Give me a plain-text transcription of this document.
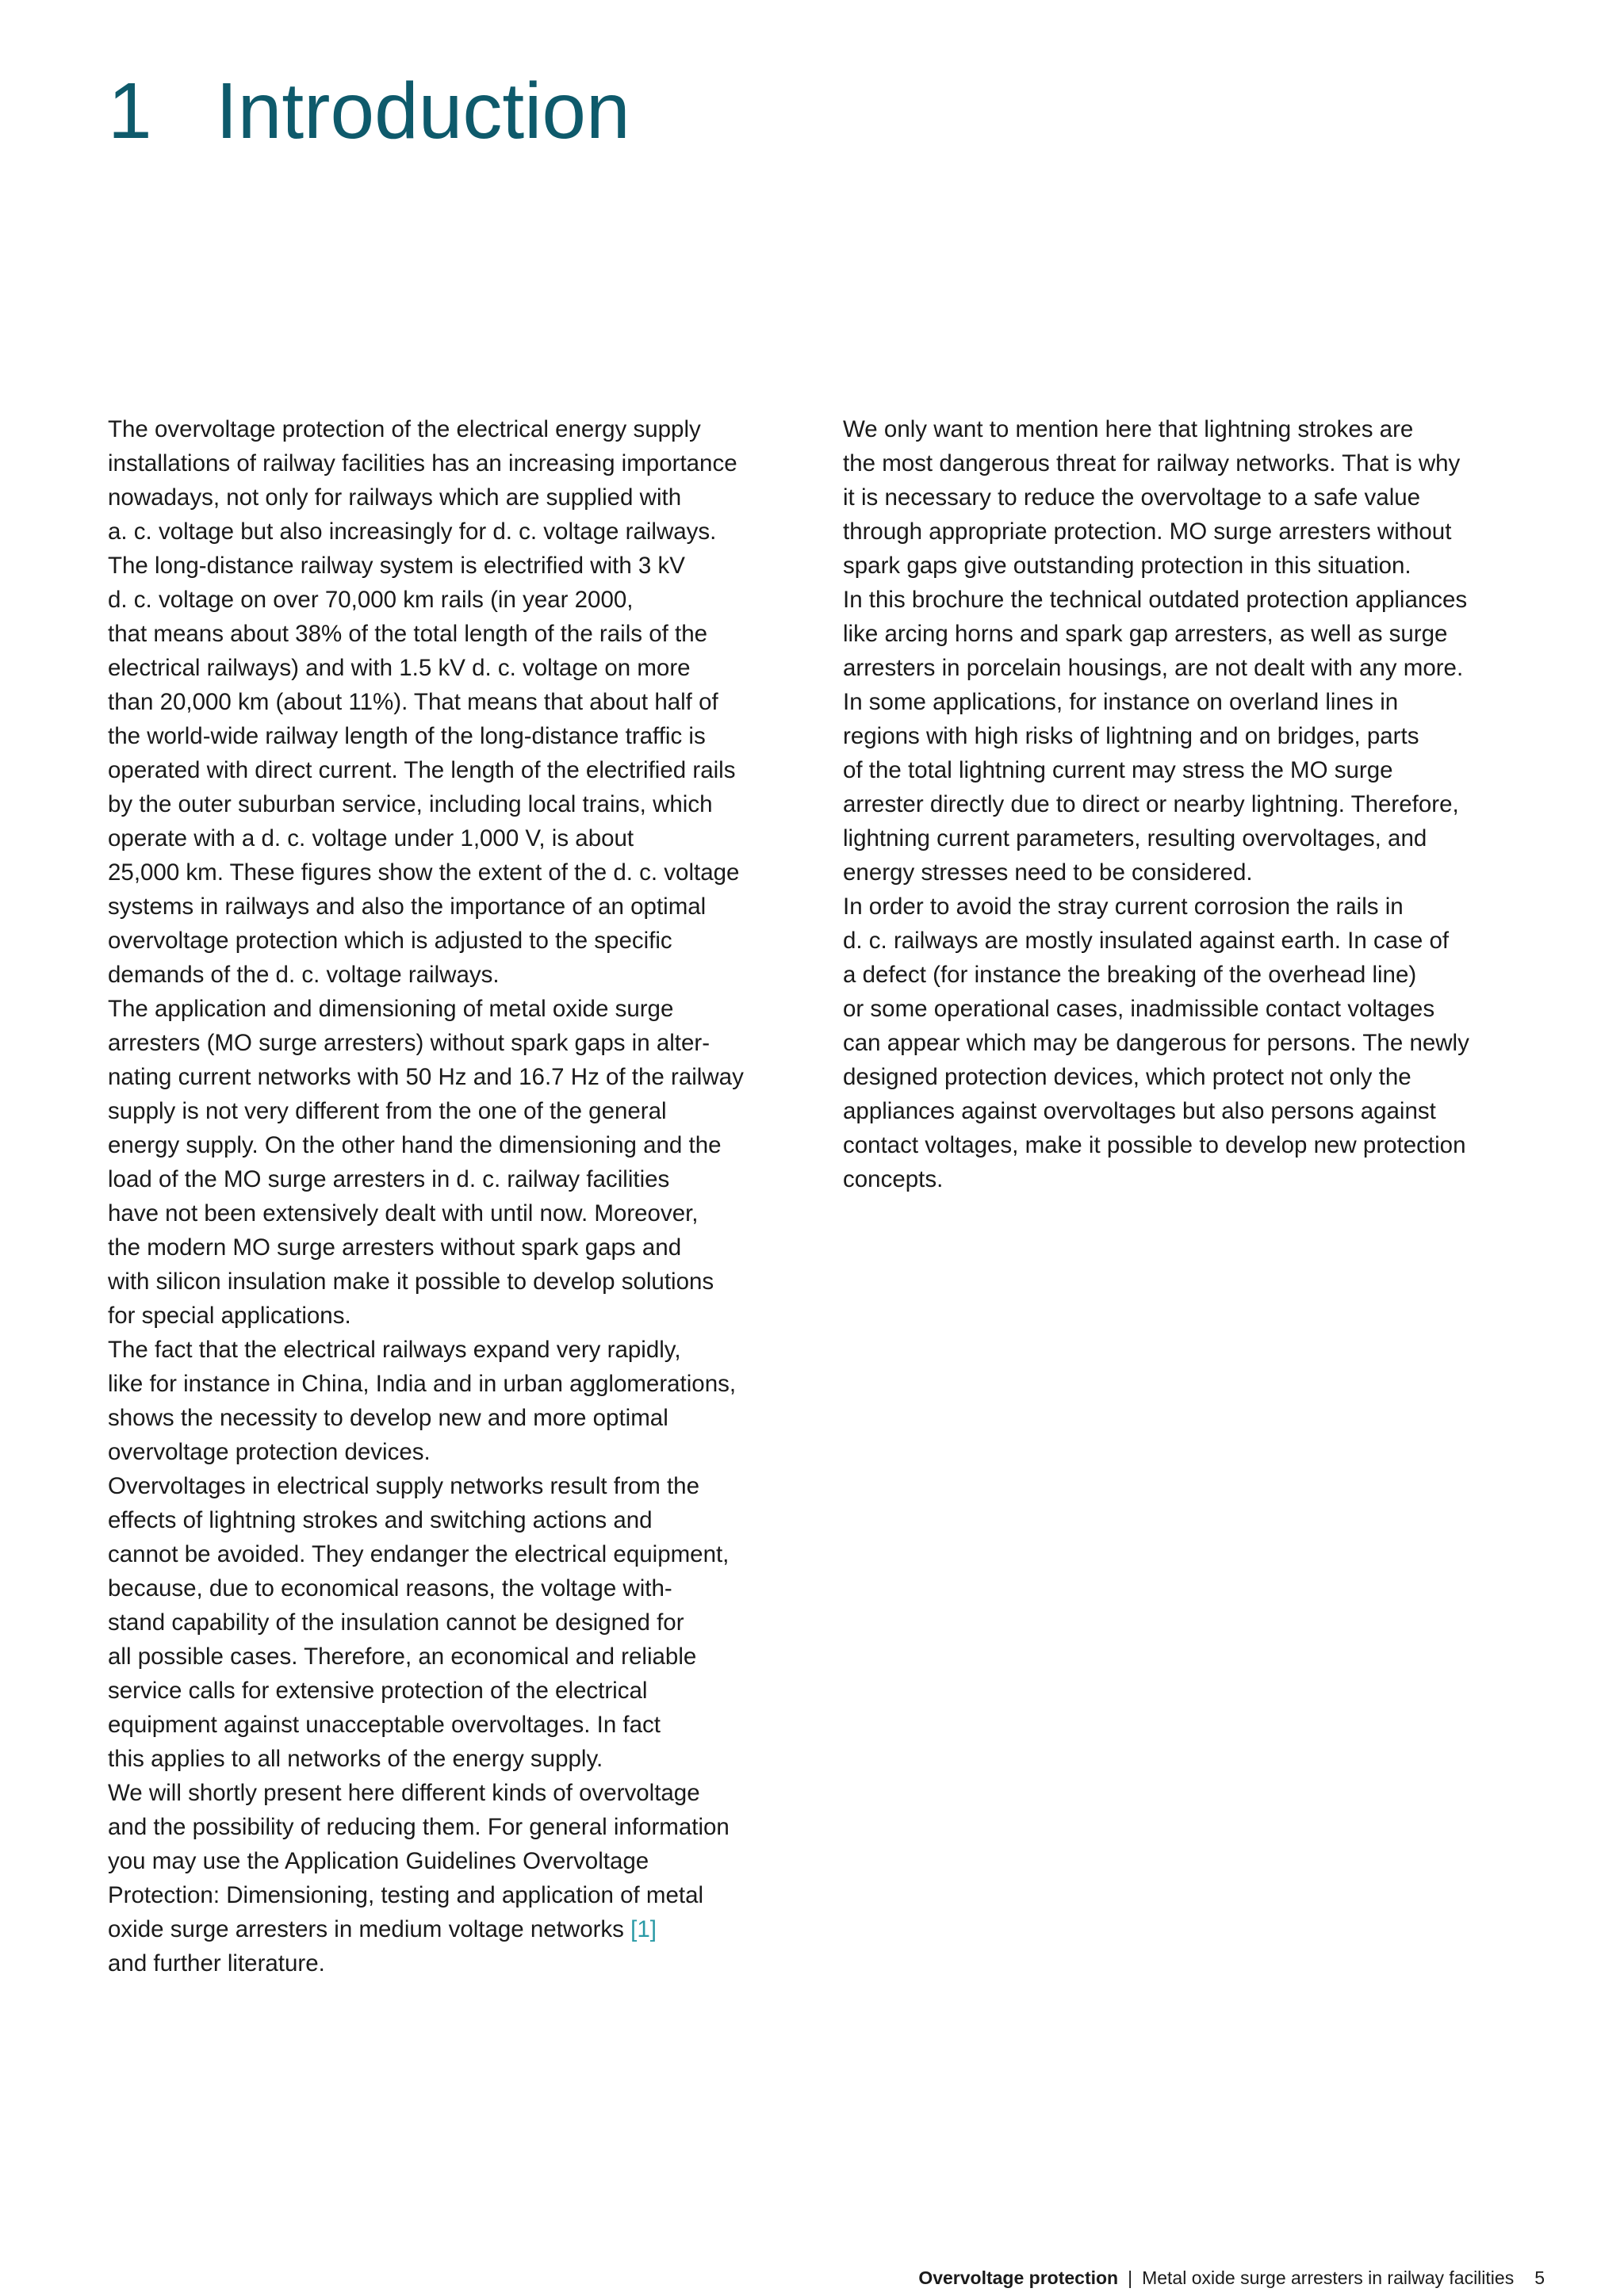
1 Introduction

The overvoltage protection of the electrical energy supply
installations of railway facilities has an increasing importance
nowadays, not only for railways which are supplied with
a. c. voltage but also increasingly for d. c. voltage railways.
The long-distance railway system is electrified with 3 kV
d. c. voltage on over 70,000 km rails (in year 2000,
that means about 38% of the total length of the rails of the
electrical railways) and with 1.5 kV d. c. voltage on more
than 20,000 km (about 11%). That means that about half of
the world-wide railway length of the long-distance traffic is
operated with direct current. The length of the electrified rails
by the outer suburban service, including local trains, which
operate with a d. c. voltage under 1,000 V, is about
25,000 km. These figures show the extent of the d. c. voltage
systems in railways and also the importance of an optimal
overvoltage protection which is adjusted to the specific
demands of the d. c. voltage railways.

The application and dimensioning of metal oxide surge
arresters (MO surge arresters) without spark gaps in alter-
nating current networks with 50 Hz and 16.7 Hz of the railway
supply is not very different from the one of the general
energy supply. On the other hand the dimensioning and the
load of the MO surge arresters in d. c. railway facilities
have not been extensively dealt with until now. Moreover,
the modern MO surge arresters without spark gaps and
with silicon insulation make it possible to develop solutions
for special applications.

The fact that the electrical railways expand very rapidly,
like for instance in China, India and in urban agglomerations,
shows the necessity to develop new and more optimal
overvoltage protection devices.

Overvoltages in electrical supply networks result from the
effects of lightning strokes and switching actions and
cannot be avoided. They endanger the electrical equipment,
because, due to economical reasons, the voltage with-
stand capability of the insulation cannot be designed for
all possible cases. Therefore, an economical and reliable
service calls for extensive protection of the electrical
equipment against unacceptable overvoltages. In fact
this applies to all networks of the energy supply.

We will shortly present here different kinds of overvoltage
and the possibility of reducing them. For general information
you may use the Application Guidelines Overvoltage
Protection: Dimensioning, testing and application of metal
oxide surge arresters in medium voltage networks [1]
and further literature.

We only want to mention here that lightning strokes are
the most dangerous threat for railway networks. That is why
it is necessary to reduce the overvoltage to a safe value
through appropriate protection. MO surge arresters without
spark gaps give outstanding protection in this situation.

In this brochure the technical outdated protection appliances
like arcing horns and spark gap arresters, as well as surge
arresters in porcelain housings, are not dealt with any more.

In some applications, for instance on overland lines in
regions with high risks of lightning and on bridges, parts
of the total lightning current may stress the MO surge
arrester directly due to direct or nearby lightning. Therefore,
lightning current parameters, resulting overvoltages, and
energy stresses need to be considered.

In order to avoid the stray current corrosion the rails in
d. c. railways are mostly insulated against earth. In case of
a defect (for instance the breaking of the overhead line)
or some operational cases, inadmissible contact voltages
can appear which may be dangerous for persons. The newly
designed protection devices, which protect not only the
appliances against overvoltages but also persons against
contact voltages, make it possible to develop new protection
concepts.

Overvoltage protection | Metal oxide surge arresters in railway facilities 5
